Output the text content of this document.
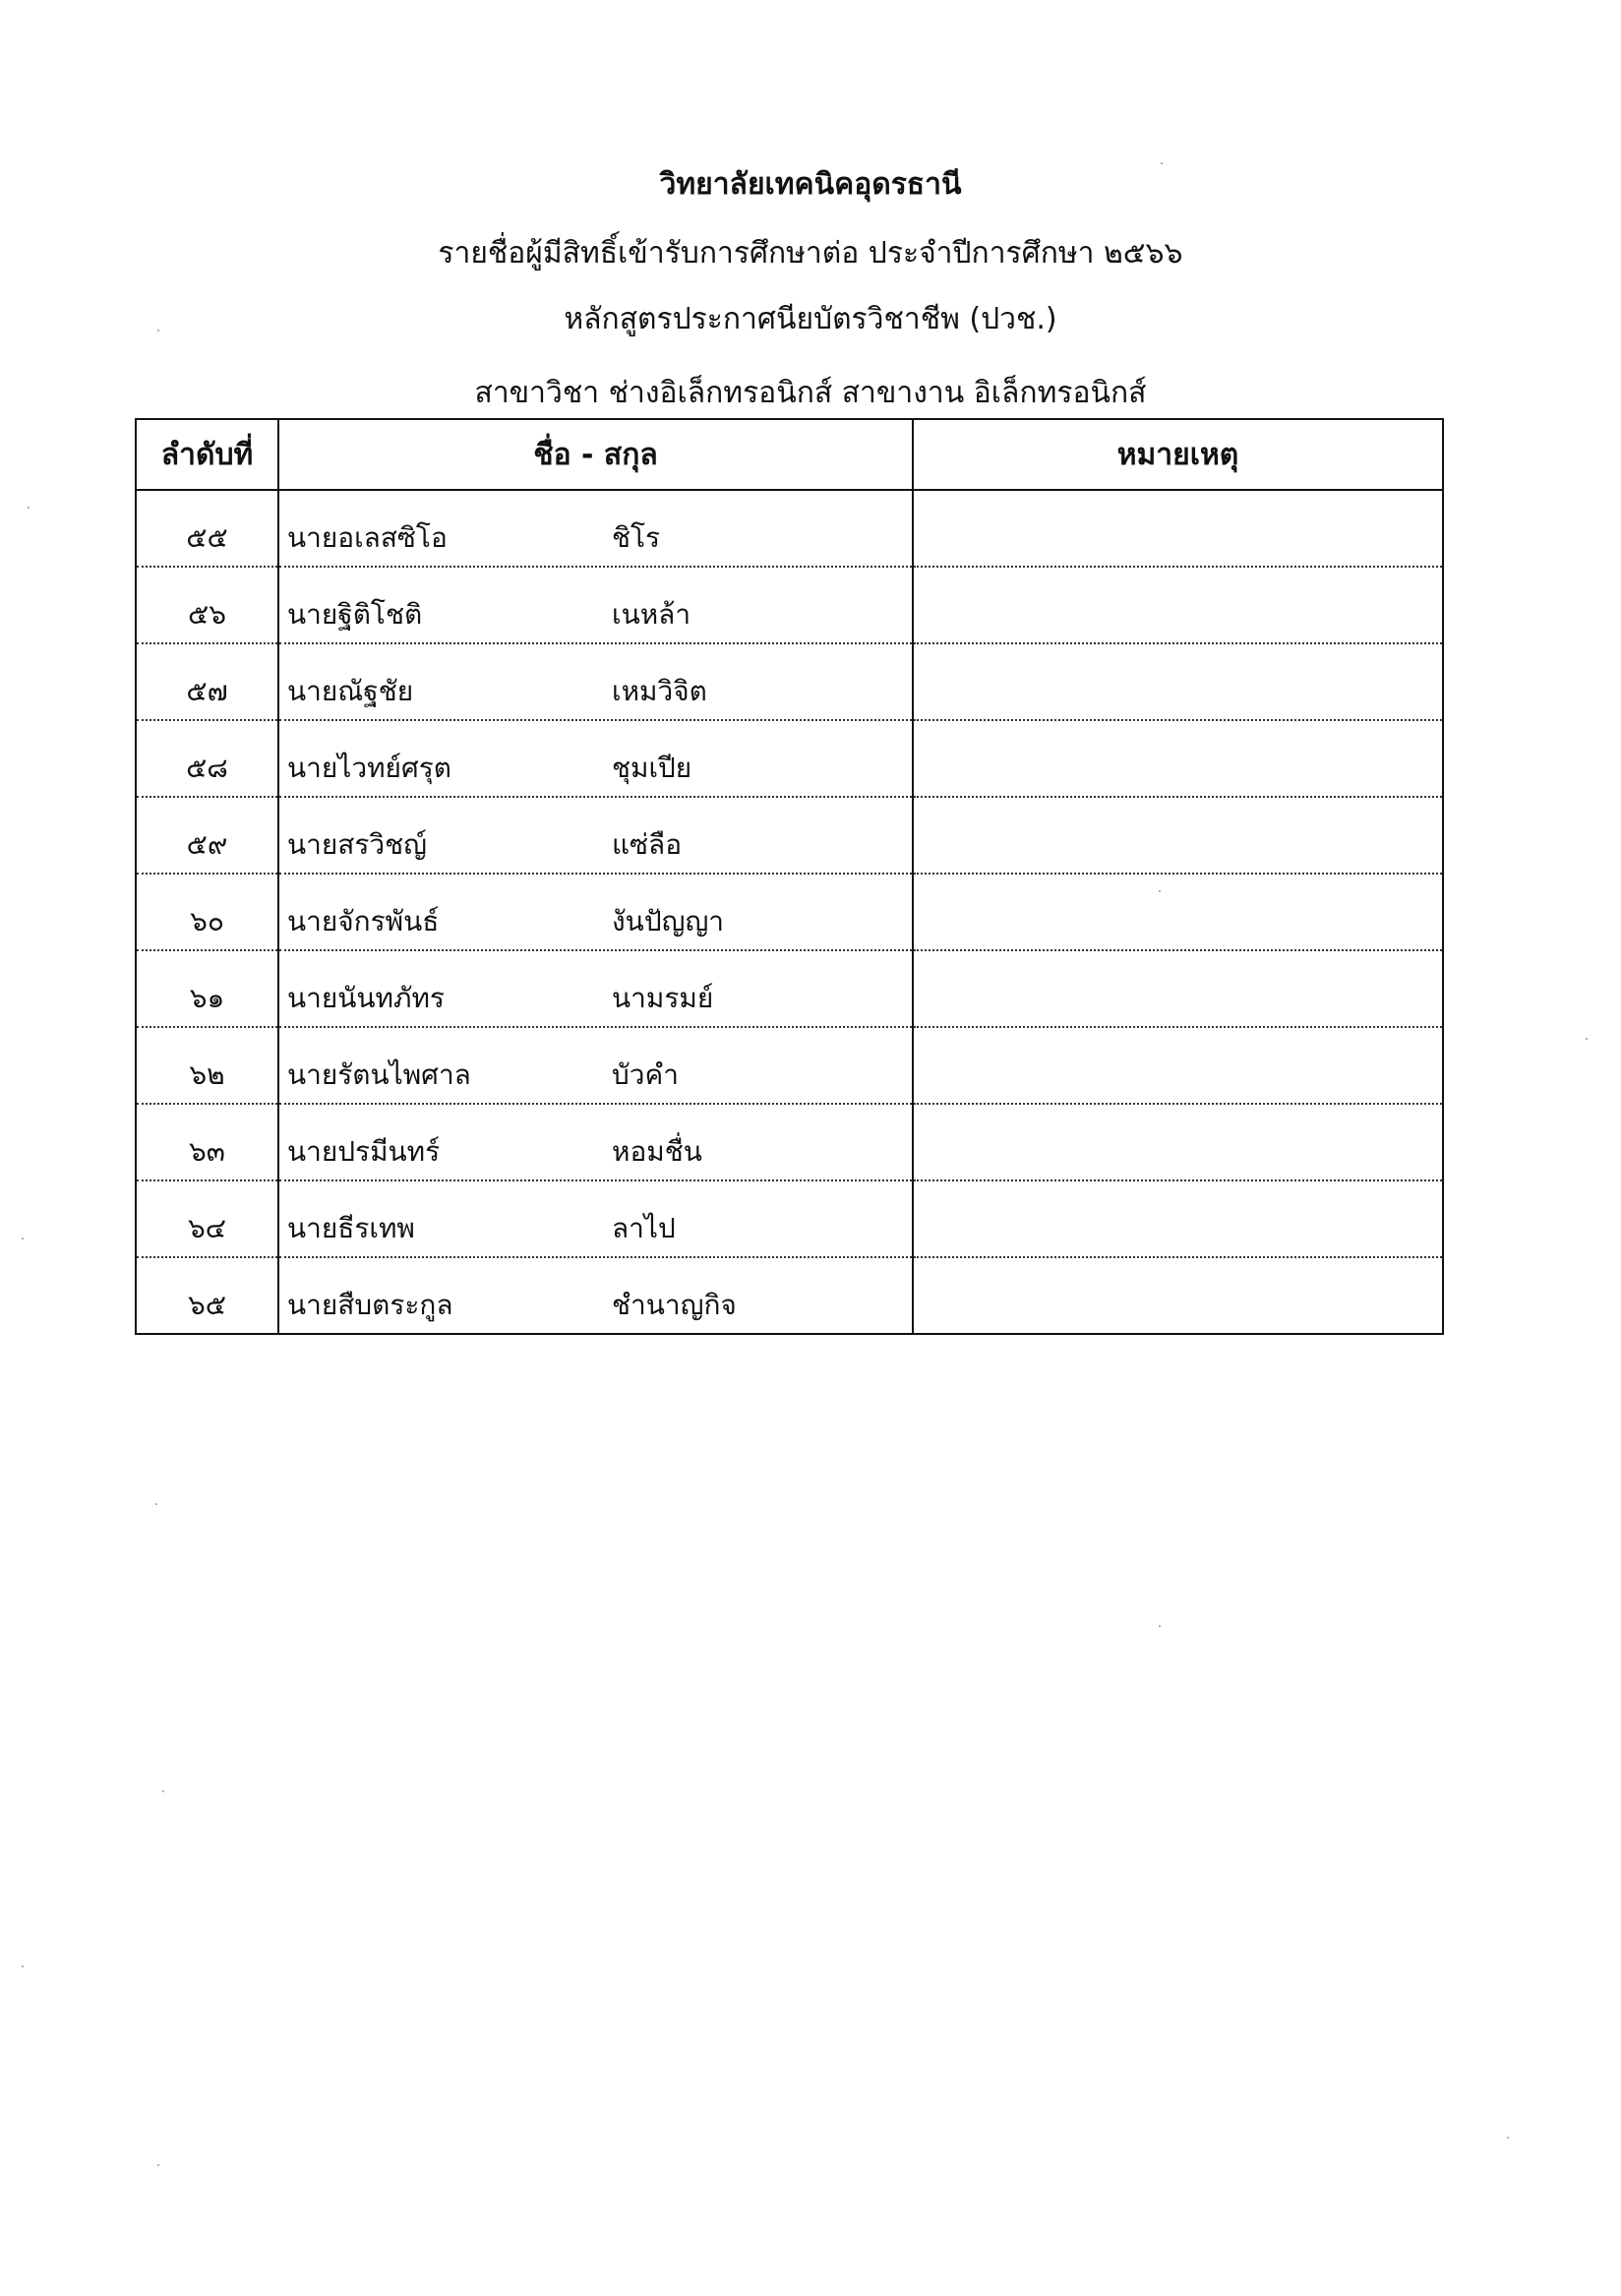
วิทยาลัยเทคนิคอุดรธานี
รายชื่อผู้มีสิทธิ์เข้ารับการศึกษาต่อ ประจำปีการศึกษา ๒๕๖๖
หลักสูตรประกาศนียบัตรวิชาชีพ (ปวช.)
สาขาวิชา ช่างอิเล็กทรอนิกส์ สาขางาน อิเล็กทรอนิกส์
ลำดับที่	ชื่อ - สกุล	หมายเหตุ
๕๕	นายอเลสซิโอ ชิโร	
๕๖	นายฐิติโชติ เนหล้า	
๕๗	นายณัฐชัย เหมวิจิต	
๕๘	นายไวทย์ศรุต ชุมเปีย	
๕๙	นายสรวิชญ์ แซ่ลือ	
๖๐	นายจักรพันธ์ งันปัญญา	
๖๑	นายนันทภัทร นามรมย์	
๖๒	นายรัตนไพศาล บัวคำ	
๖๓	นายปรมีนทร์ หอมชื่น	
๖๔	นายธีรเทพ ลาไป	
๖๕	นายสืบตระกูล ชำนาญกิจ	
